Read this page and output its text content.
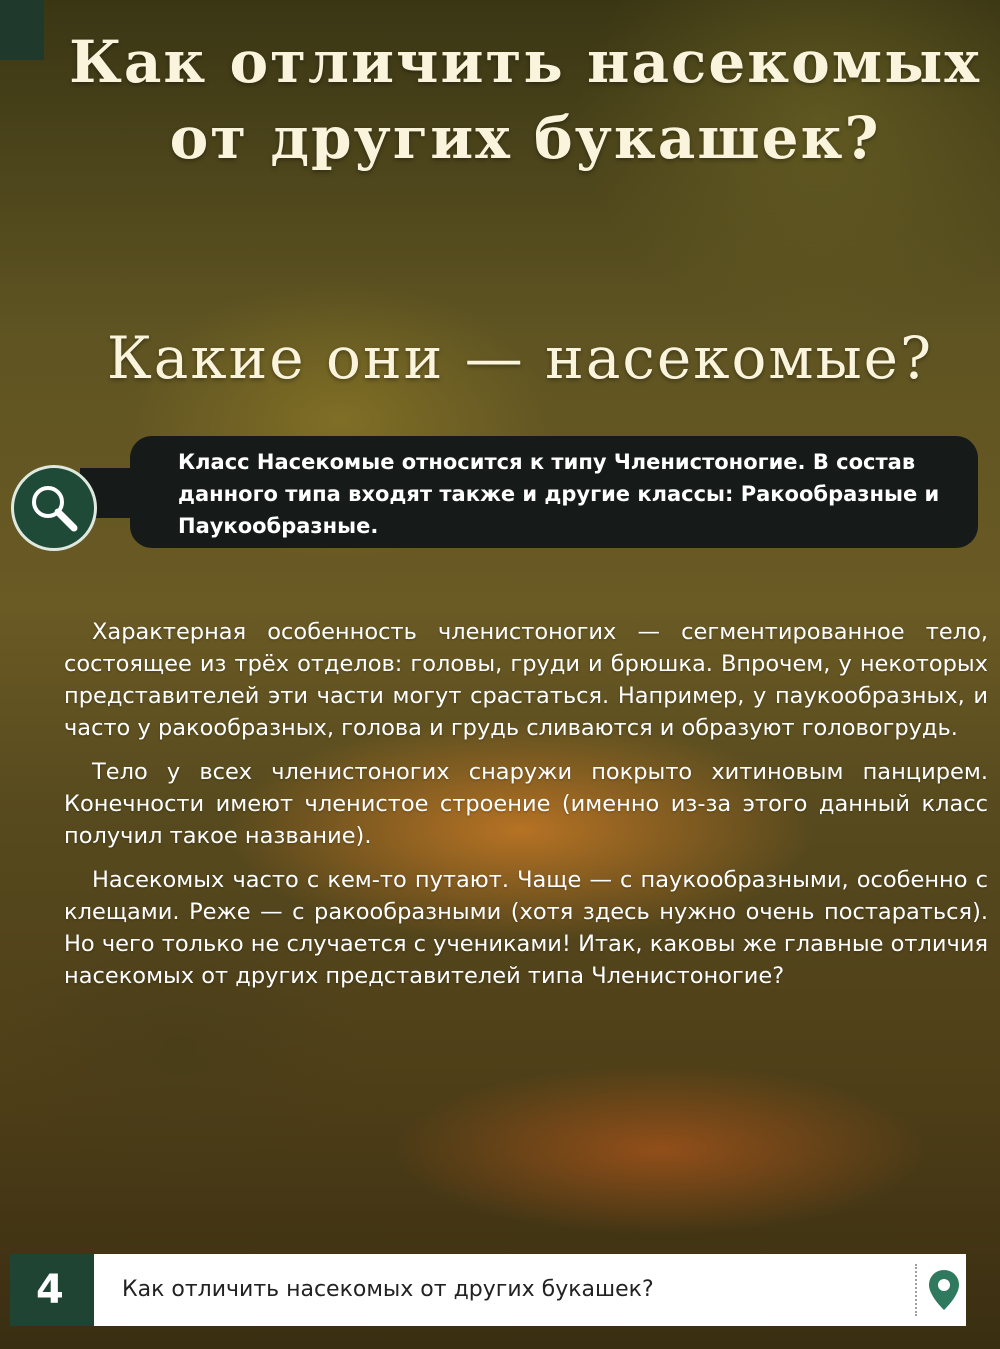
Как отличить насекомых от других букашек?
Какие они — насекомые?

Класс Насекомые относится к типу Членистоногие. В состав данного типа входят также и другие классы: Ракообразные и Паукообразные.

Характерная особенность членистоногих — сегментированное тело, состоящее из трёх отделов: головы, груди и брюшка. Впрочем, у некоторых представителей эти части могут срастаться. Например, у паукообразных, и часто у ракообразных, голова и грудь сливаются и образуют головогрудь.

Тело у всех членистоногих снаружи покрыто хитиновым панцирем. Конечности имеют членистое строение (именно из-за этого данный класс получил такое название).

Насекомых часто с кем-то путают. Чаще — с паукообразными, особенно с клещами. Реже — с ракообразными (хотя здесь нужно очень постараться). Но чего только не случается с учениками! Итак, каковы же главные отличия насекомых от других представителей типа Членистоногие?

4	Как отличить насекомых от других букашек?
